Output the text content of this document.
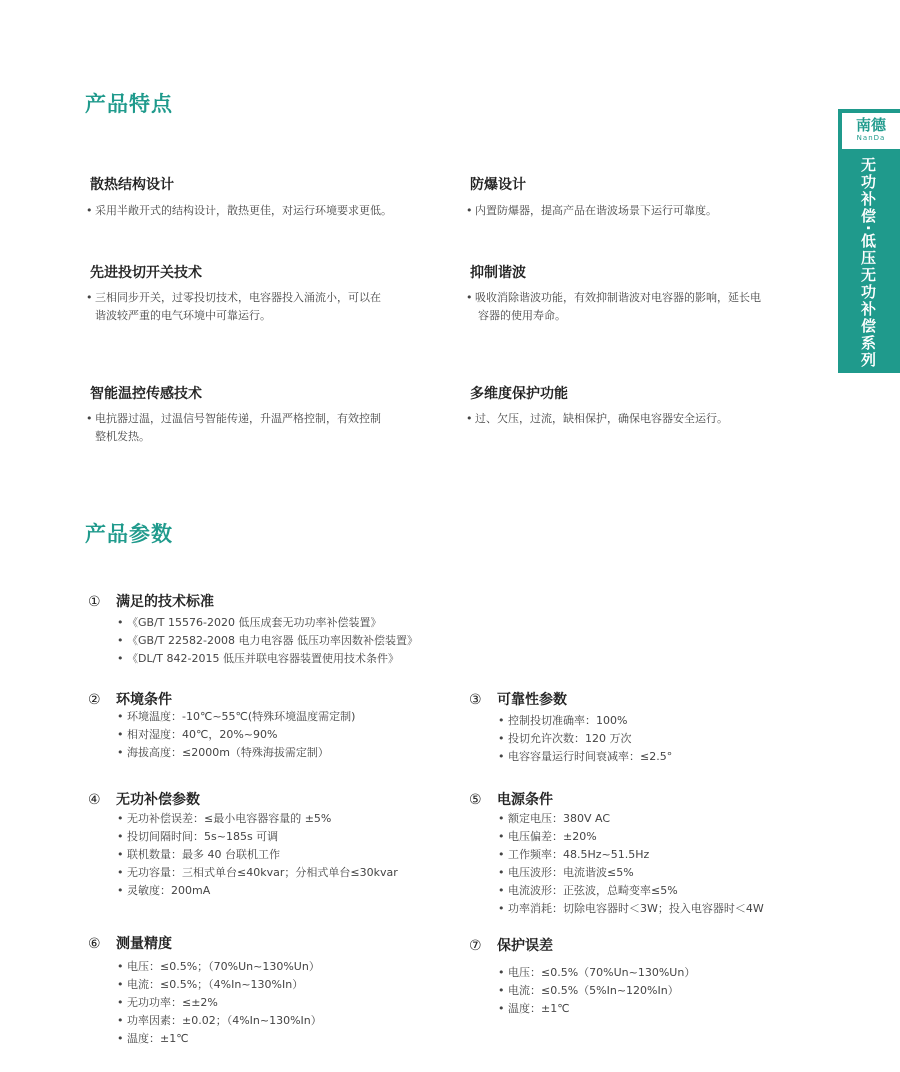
南德
NanDa
无功补偿·低压无功补偿系列
产品特点
散热结构设计
• 采用半敞开式的结构设计，散热更佳，对运行环境要求更低。
防爆设计
• 内置防爆器，提高产品在谐波场景下运行可靠度。
先进投切开关技术
• 三相同步开关，过零投切技术，电容器投入涌流小，可以在
谐波较严重的电气环境中可靠运行。
抑制谐波
• 吸收消除谐波功能，有效抑制谐波对电容器的影响，延长电
容器的使用寿命。
智能温控传感技术
• 电抗器过温，过温信号智能传递，升温严格控制，有效控制
整机发热。
多维度保护功能
• 过、欠压，过流，缺相保护，确保电容器安全运行。
产品参数
① 满足的技术标准
• 《GB/T 15576-2020 低压成套无功功率补偿装置》
• 《GB/T 22582-2008 电力电容器 低压功率因数补偿装置》
• 《DL/T 842-2015 低压并联电容器装置使用技术条件》
② 环境条件
• 环境温度：-10℃~55℃(特殊环境温度需定制)
• 相对湿度：40℃，20%~90%
• 海拔高度：≤2000m（特殊海拔需定制）
③ 可靠性参数
• 控制投切准确率：100%
• 投切允许次数：120 万次
• 电容容量运行时间衰减率：≤2.5°
④ 无功补偿参数
• 无功补偿误差：≤最小电容器容量的 ±5%
• 投切间隔时间：5s~185s 可调
• 联机数量：最多 40 台联机工作
• 无功容量：三相式单台≤40kvar；分相式单台≤30kvar
• 灵敏度：200mA
⑤ 电源条件
• 额定电压：380V AC
• 电压偏差：±20%
• 工作频率：48.5Hz~51.5Hz
• 电压波形：电流谐波≤5%
• 电流波形：正弦波，总畸变率≤5%
• 功率消耗：切除电容器时＜3W；投入电容器时＜4W
⑥ 测量精度
• 电压：≤0.5%；（70%Un~130%Un）
• 电流：≤0.5%；（4%In~130%In）
• 无功功率：≤±2%
• 功率因素：±0.02；（4%In~130%In）
• 温度：±1℃
⑦ 保护误差
• 电压：≤0.5%（70%Un~130%Un）
• 电流：≤0.5%（5%In~120%In）
• 温度：±1℃
